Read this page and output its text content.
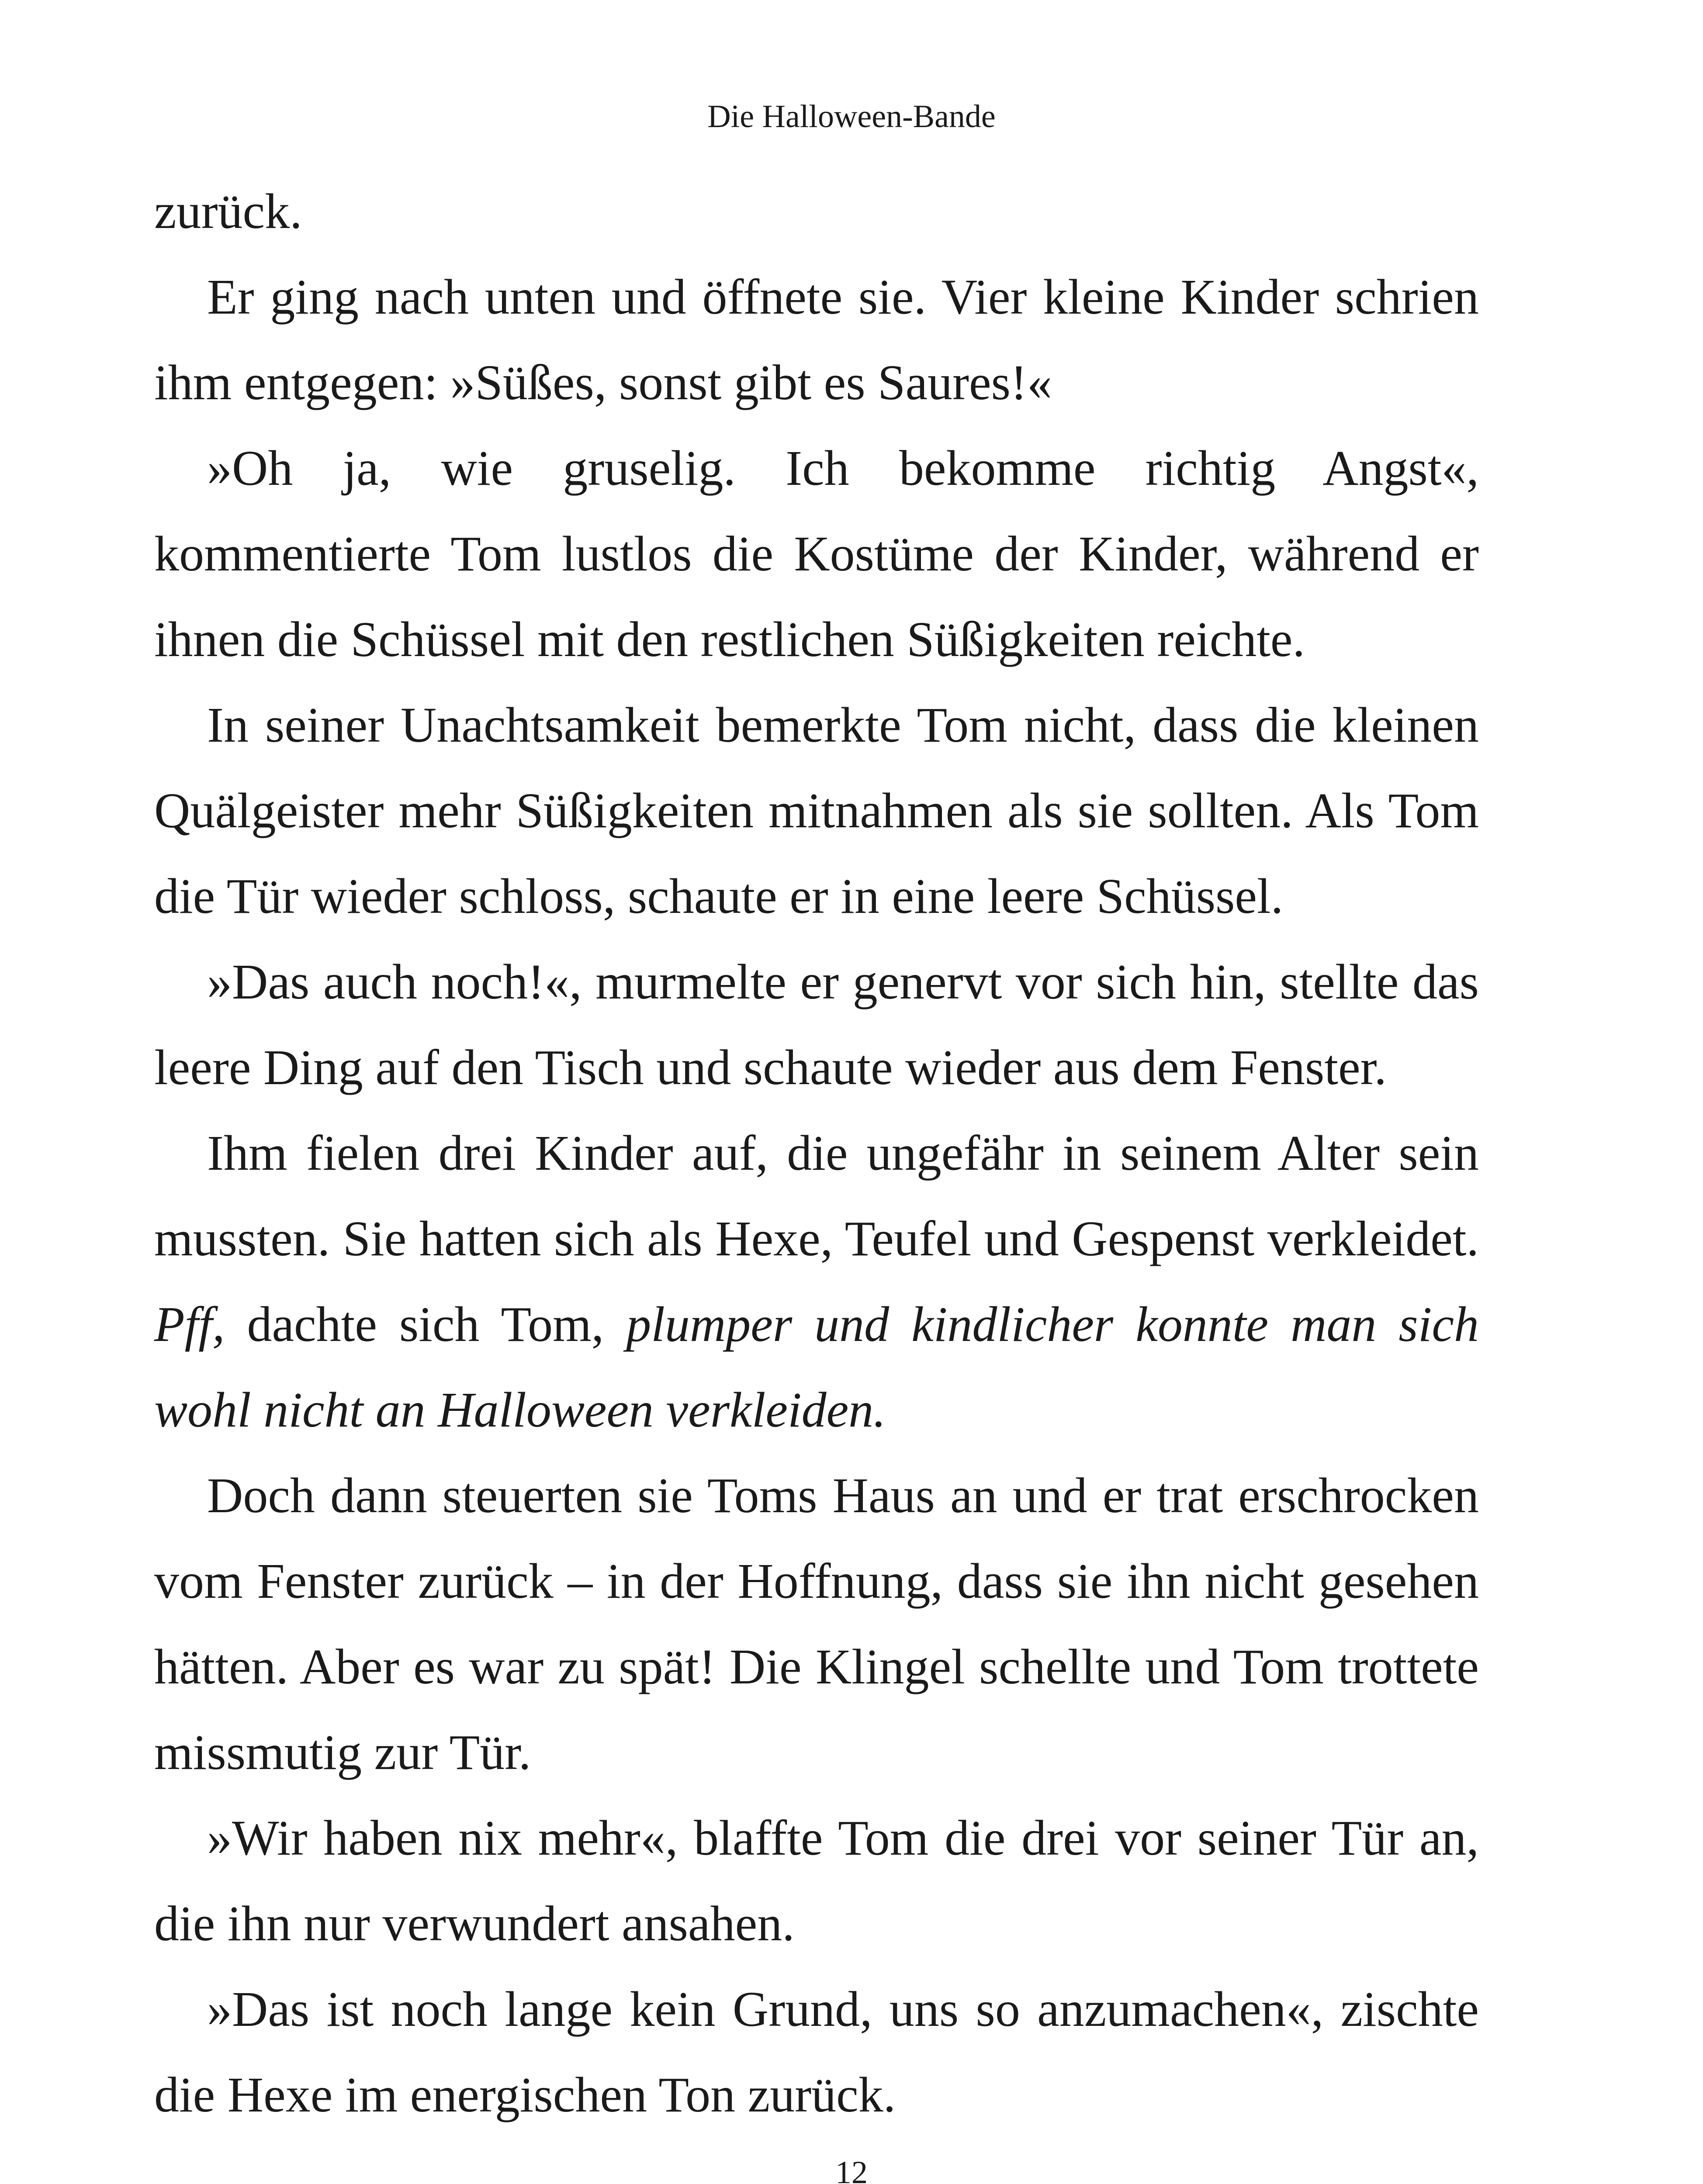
Die Halloween-Bande

zurück.

Er ging nach unten und öffnete sie. Vier kleine Kinder schrien ihm entgegen: »Süßes, sonst gibt es Saures!«

»Oh ja, wie gruselig. Ich bekomme richtig Angst«, kommentierte Tom lustlos die Kostüme der Kinder, während er ihnen die Schüssel mit den restlichen Süßigkeiten reichte.

In seiner Unachtsamkeit bemerkte Tom nicht, dass die kleinen Quälgeister mehr Süßigkeiten mitnahmen als sie sollten. Als Tom die Tür wieder schloss, schaute er in eine leere Schüssel.

»Das auch noch!«, murmelte er genervt vor sich hin, stellte das leere Ding auf den Tisch und schaute wieder aus dem Fenster.

Ihm fielen drei Kinder auf, die ungefähr in seinem Alter sein mussten. Sie hatten sich als Hexe, Teufel und Gespenst verkleidet. Pff, dachte sich Tom, plumper und kindlicher konnte man sich wohl nicht an Halloween verkleiden.

Doch dann steuerten sie Toms Haus an und er trat erschrocken vom Fenster zurück – in der Hoffnung, dass sie ihn nicht gesehen hätten. Aber es war zu spät! Die Klingel schellte und Tom trottete missmutig zur Tür.

»Wir haben nix mehr«, blaffte Tom die drei vor seiner Tür an, die ihn nur verwundert ansahen.

»Das ist noch lange kein Grund, uns so anzumachen«, zischte die Hexe im energischen Ton zurück.

12
